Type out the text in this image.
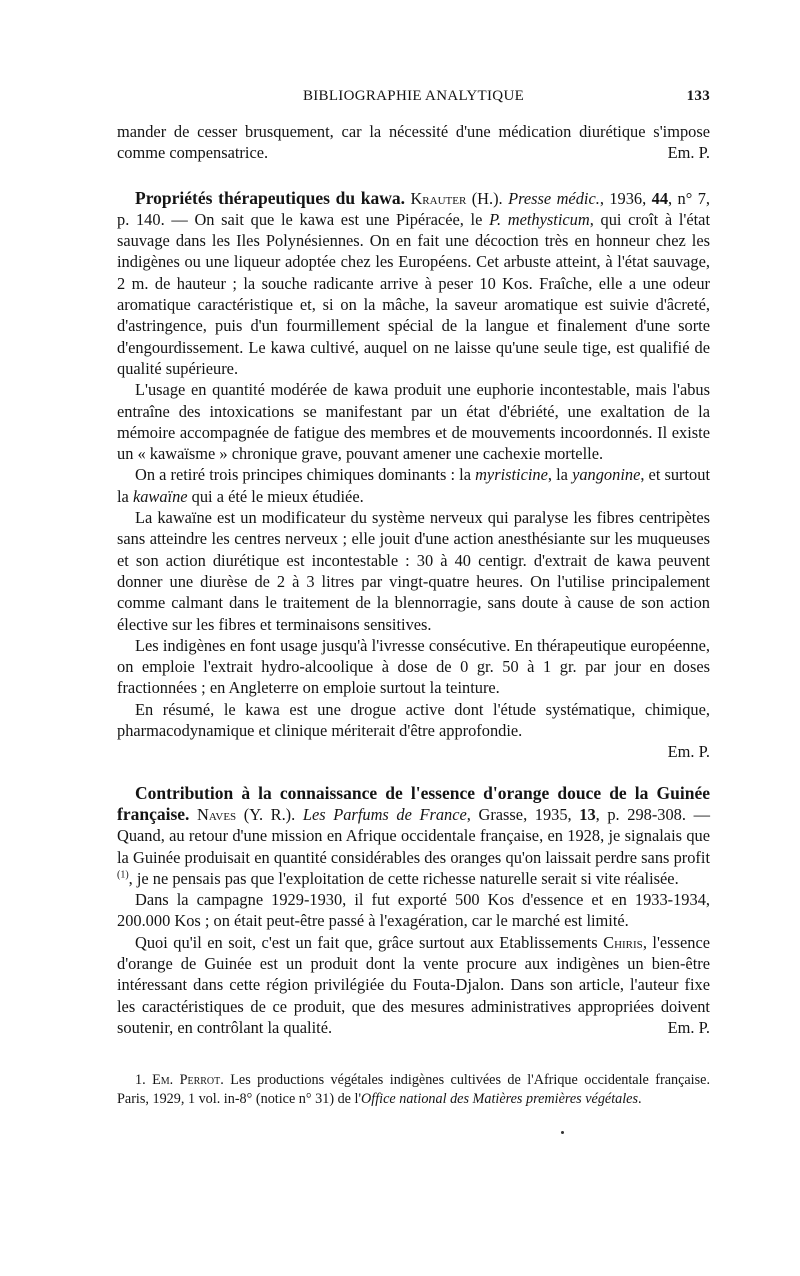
BIBLIOGRAPHIE ANALYTIQUE	133

mander de cesser brusquement, car la nécessité d'une médication diurétique s'impose comme compensatrice.	Em. P.

Propriétés thérapeutiques du kawa. Krauter (H.). Presse médic., 1936, 44, n° 7, p. 140. — On sait que le kawa est une Pipéracée, le P. methysticum, qui croît à l'état sauvage dans les Iles Polynésiennes. On en fait une décoction très en honneur chez les indigènes ou une liqueur adoptée chez les Européens. Cet arbuste atteint, à l'état sauvage, 2 m. de hauteur ; la souche radicante arrive à peser 10 Kos. Fraîche, elle a une odeur aromatique caractéristique et, si on la mâche, la saveur aromatique est suivie d'âcreté, d'astringence, puis d'un fourmillement spécial de la langue et finalement d'une sorte d'engourdissement. Le kawa cultivé, auquel on ne laisse qu'une seule tige, est qualifié de qualité supérieure.

L'usage en quantité modérée de kawa produit une euphorie incontestable, mais l'abus entraîne des intoxications se manifestant par un état d'ébriété, une exaltation de la mémoire accompagnée de fatigue des membres et de mouvements incoordonnés. Il existe un « kawaïsme » chronique grave, pouvant amener une cachexie mortelle.

On a retiré trois principes chimiques dominants : la myristicine, la yangonine, et surtout la kawaïne qui a été le mieux étudiée.

La kawaïne est un modificateur du système nerveux qui paralyse les fibres centripètes sans atteindre les centres nerveux ; elle jouit d'une action anesthésiante sur les muqueuses et son action diurétique est incontestable : 30 à 40 centigr. d'extrait de kawa peuvent donner une diurèse de 2 à 3 litres par vingt-quatre heures. On l'utilise principalement comme calmant dans le traitement de la blennorragie, sans doute à cause de son action élective sur les fibres et terminaisons sensitives.

Les indigènes en font usage jusqu'à l'ivresse consécutive. En thérapeutique européenne, on emploie l'extrait hydro-alcoolique à dose de 0 gr. 50 à 1 gr. par jour en doses fractionnées ; en Angleterre on emploie surtout la teinture.

En résumé, le kawa est une drogue active dont l'étude systématique, chimique, pharmacodynamique et clinique mériterait d'être approfondie.

Em. P.

Contribution à la connaissance de l'essence d'orange douce de la Guinée française. Naves (Y. R.). Les Parfums de France, Grasse, 1935, 13, p. 298-308. — Quand, au retour d'une mission en Afrique occidentale française, en 1928, je signalais que la Guinée produisait en quantité considérables des oranges qu'on laissait perdre sans profit $^{(1)}$, je ne pensais pas que l'exploitation de cette richesse naturelle serait si vite réalisée.

Dans la campagne 1929-1930, il fut exporté 500 Kos d'essence et en 1933-1934, 200.000 Kos ; on était peut-être passé à l'exagération, car le marché est limité.

Quoi qu'il en soit, c'est un fait que, grâce surtout aux Etablissements Chiris, l'essence d'orange de Guinée est un produit dont la vente procure aux indigènes un bien-être intéressant dans cette région privilégiée du Fouta-Djalon. Dans son article, l'auteur fixe les caractéristiques de ce produit, que des mesures administratives appropriées doivent soutenir, en contrôlant la qualité.	Em. P.

1. Em. Perrot. Les productions végétales indigènes cultivées de l'Afrique occidentale française. Paris, 1929, 1 vol. in-8° (notice n° 31) de l'Office national des Matières premières végétales.
